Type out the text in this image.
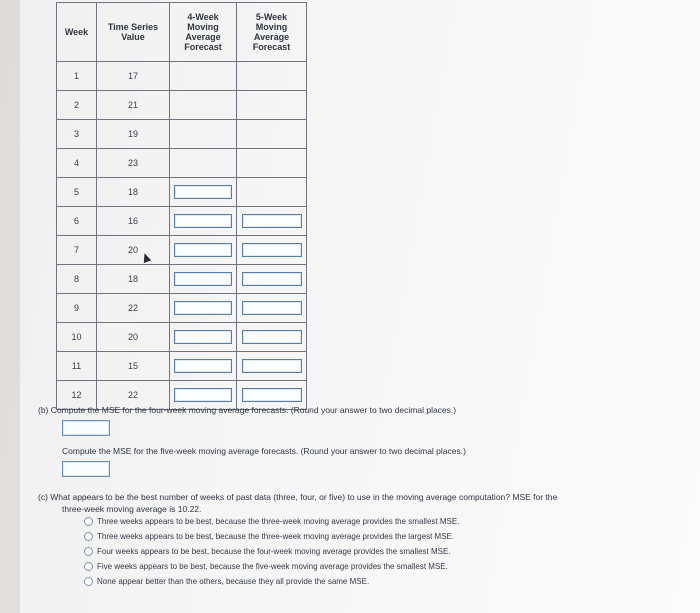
Week	Time Series Value	4-Week Moving Average Forecast	5-Week Moving Average Forecast
1	17		
2	21		
3	19		
4	23		
5	18		
6	16		
7	20		
8	18		
9	22		
10	20		
11	15		
12	22		
(b) Compute the MSE for the four-week moving average forecasts. (Round your answer to two decimal places.)
Compute the MSE for the five-week moving average forecasts. (Round your answer to two decimal places.)
(c) What appears to be the best number of weeks of past data (three, four, or five) to use in the moving average computation? MSE for the
three-week moving average is 10.22.
Three weeks appears to be best, because the three-week moving average provides the smallest MSE.
Three weeks appears to be best, because the three-week moving average provides the largest MSE.
Four weeks appears to be best, because the four-week moving average provides the smallest MSE.
Five weeks appears to be best, because the five-week moving average provides the smallest MSE.
None appear better than the others, because they all provide the same MSE.
